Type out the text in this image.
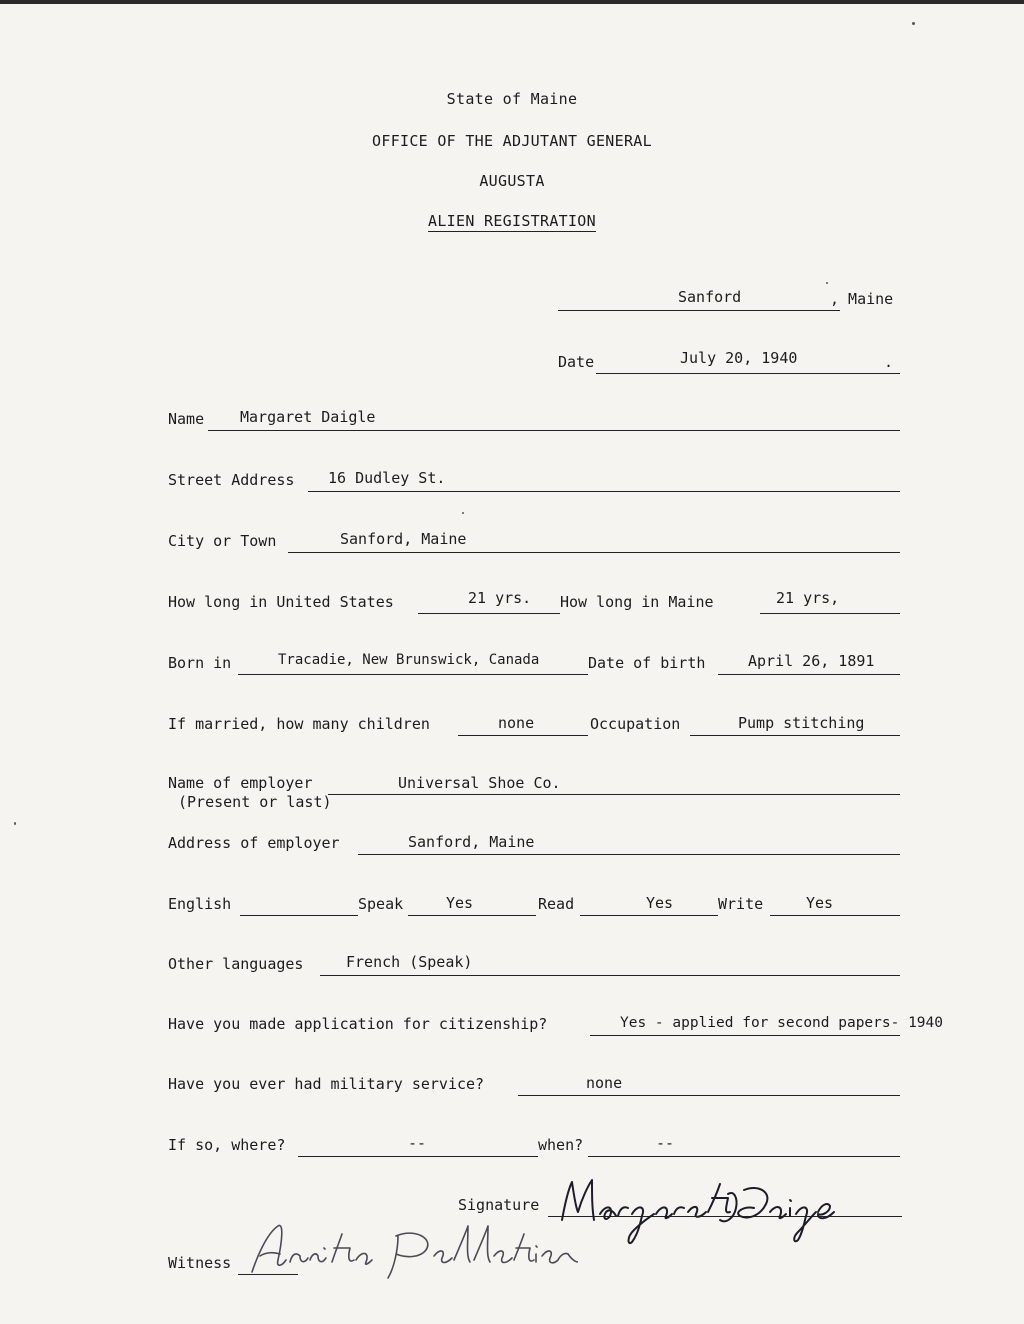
State of Maine
OFFICE OF THE ADJUTANT GENERAL
AUGUSTA
ALIEN REGISTRATION
Sanford	, Maine
Date	July 20, 1940	.
Name Margaret Daigle
Street Address 16 Dudley St.
City or Town	Sanford, Maine
How long in United States	21 yrs. How long in Maine	21 yrs,
Born in	Tracadie, New Brunswick, Canada	Date of birth	April 26, 1891
If married, how many children	none	Occupation	Pump stitching
Name of employer
(Present or last)
Universal Shoe Co.
Address of employer	Sanford, Maine
English	Speak	Yes	Read	Yes	Write	Yes
Other languages	French (Speak)
Have you made application for citizenship?	Yes - applied for second papers- 1940
Have you ever had military service?	none
If so, where?	--	when?	--
Signature
Margaret Daigle
Witness
Anita Pelletier
